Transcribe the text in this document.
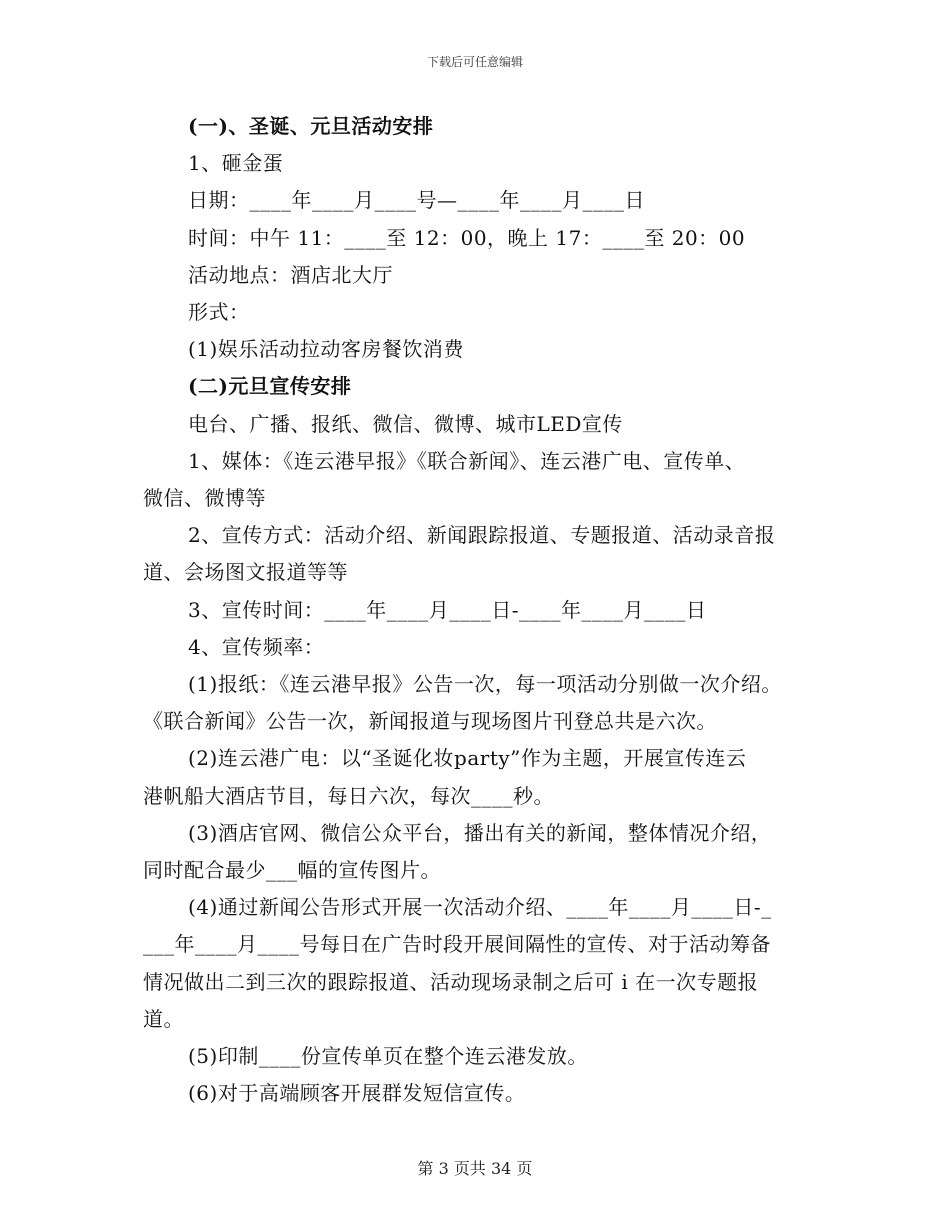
下载后可任意编辑

(一)、圣诞、元旦活动安排

1、砸金蛋

日期：____年____月____号—____年____月____日

时间：中午 11：____至 12：00，晚上 17：____至 20：00

活动地点：酒店北大厅

形式：

(1)娱乐活动拉动客房餐饮消费

(二)元旦宣传安排

电台、广播、报纸、微信、微博、城市LED宣传

1、媒体：《连云港早报》《联合新闻》、连云港广电、宣传单、

微信、微博等

2、宣传方式：活动介绍、新闻跟踪报道、专题报道、活动录音报

道、会场图文报道等等

3、宣传时间：____年____月____日-____年____月____日

4、宣传频率：

(1)报纸：《连云港早报》公告一次，每一项活动分别做一次介绍。

《联合新闻》公告一次，新闻报道与现场图片刊登总共是六次。

(2)连云港广电：以“圣诞化妆party”作为主题，开展宣传连云

港帆船大酒店节目，每日六次，每次____秒。

(3)酒店官网、微信公众平台，播出有关的新闻，整体情况介绍，

同时配合最少___幅的宣传图片。

(4)通过新闻公告形式开展一次活动介绍、____年____月____日-_

___年____月____号每日在广告时段开展间隔性的宣传、对于活动筹备

情况做出二到三次的跟踪报道、活动现场录制之后可 i 在一次专题报

道。

(5)印制____份宣传单页在整个连云港发放。

(6)对于高端顾客开展群发短信宣传。

第 3 页共 34 页
